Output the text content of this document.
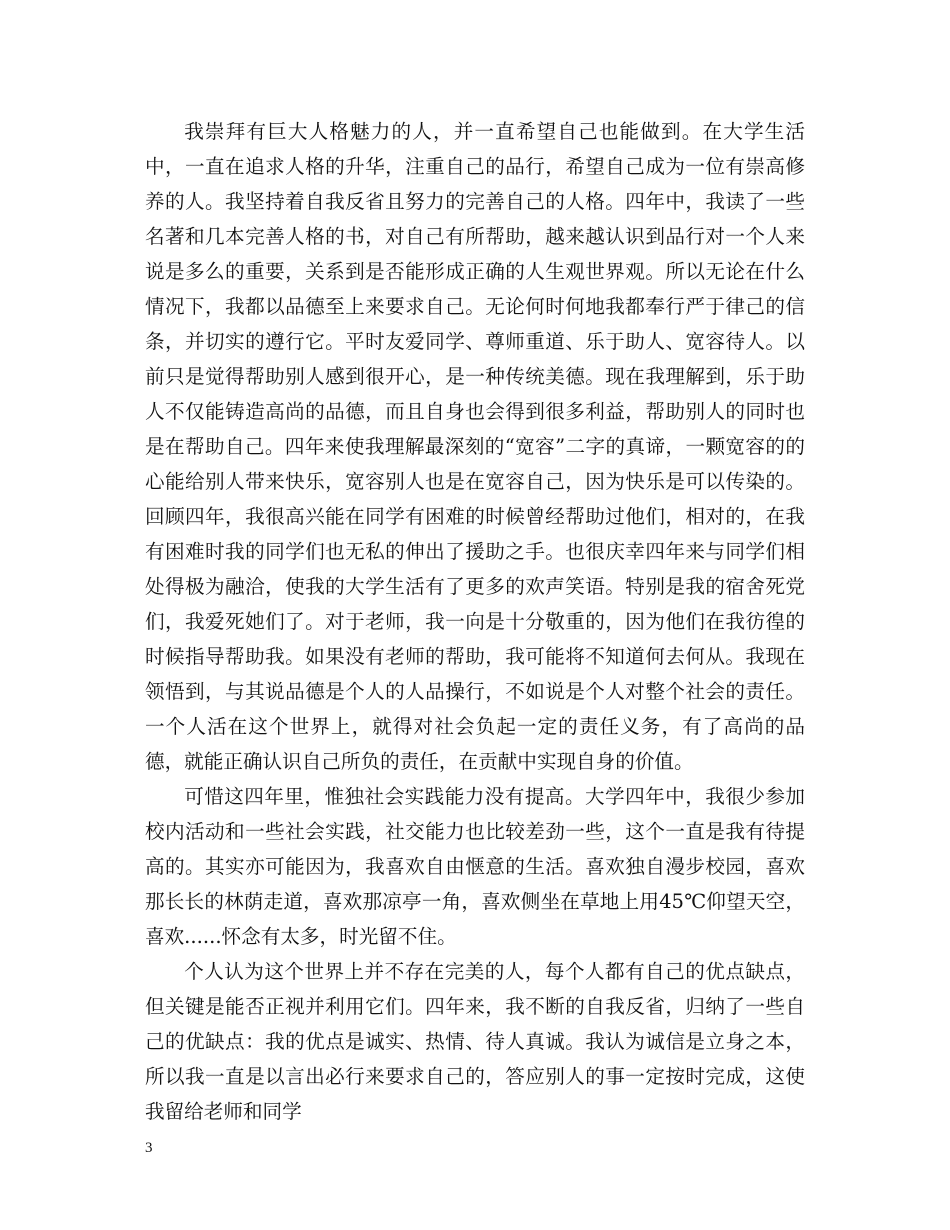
我崇拜有巨大人格魅力的人，并一直希望自己也能做到。在大学生活中，一直在追求人格的升华，注重自己的品行，希望自己成为一位有崇高修养的人。我坚持着自我反省且努力的完善自己的人格。四年中，我读了一些名著和几本完善人格的书，对自己有所帮助，越来越认识到品行对一个人来说是多么的重要，关系到是否能形成正确的人生观世界观。所以无论在什么情况下，我都以品德至上来要求自己。无论何时何地我都奉行严于律己的信条，并切实的遵行它。平时友爱同学、尊师重道、乐于助人、宽容待人。以前只是觉得帮助别人感到很开心，是一种传统美德。现在我理解到，乐于助人不仅能铸造高尚的品德，而且自身也会得到很多利益，帮助别人的同时也是在帮助自己。四年来使我理解最深刻的“宽容”二字的真谛，一颗宽容的的心能给别人带来快乐，宽容别人也是在宽容自己，因为快乐是可以传染的。回顾四年，我很高兴能在同学有困难的时候曾经帮助过他们，相对的，在我有困难时我的同学们也无私的伸出了援助之手。也很庆幸四年来与同学们相处得极为融洽，使我的大学生活有了更多的欢声笑语。特别是我的宿舍死党们，我爱死她们了。对于老师，我一向是十分敬重的，因为他们在我彷徨的时候指导帮助我。如果没有老师的帮助，我可能将不知道何去何从。我现在领悟到，与其说品德是个人的人品操行，不如说是个人对整个社会的责任。一个人活在这个世界上，就得对社会负起一定的责任义务，有了高尚的品德，就能正确认识自己所负的责任，在贡献中实现自身的价值。

可惜这四年里，惟独社会实践能力没有提高。大学四年中，我很少参加校内活动和一些社会实践，社交能力也比较差劲一些，这个一直是我有待提高的。其实亦可能因为，我喜欢自由惬意的生活。喜欢独自漫步校园，喜欢那长长的林荫走道，喜欢那凉亭一角，喜欢侧坐在草地上用45℃仰望天空，喜欢......怀念有太多，时光留不住。

个人认为这个世界上并不存在完美的人，每个人都有自己的优点缺点，但关键是能否正视并利用它们。四年来，我不断的自我反省，归纳了一些自己的优缺点：我的优点是诚实、热情、待人真诚。我认为诚信是立身之本，所以我一直是以言出必行来要求自己的，答应别人的事一定按时完成，这使我留给老师和同学

3
